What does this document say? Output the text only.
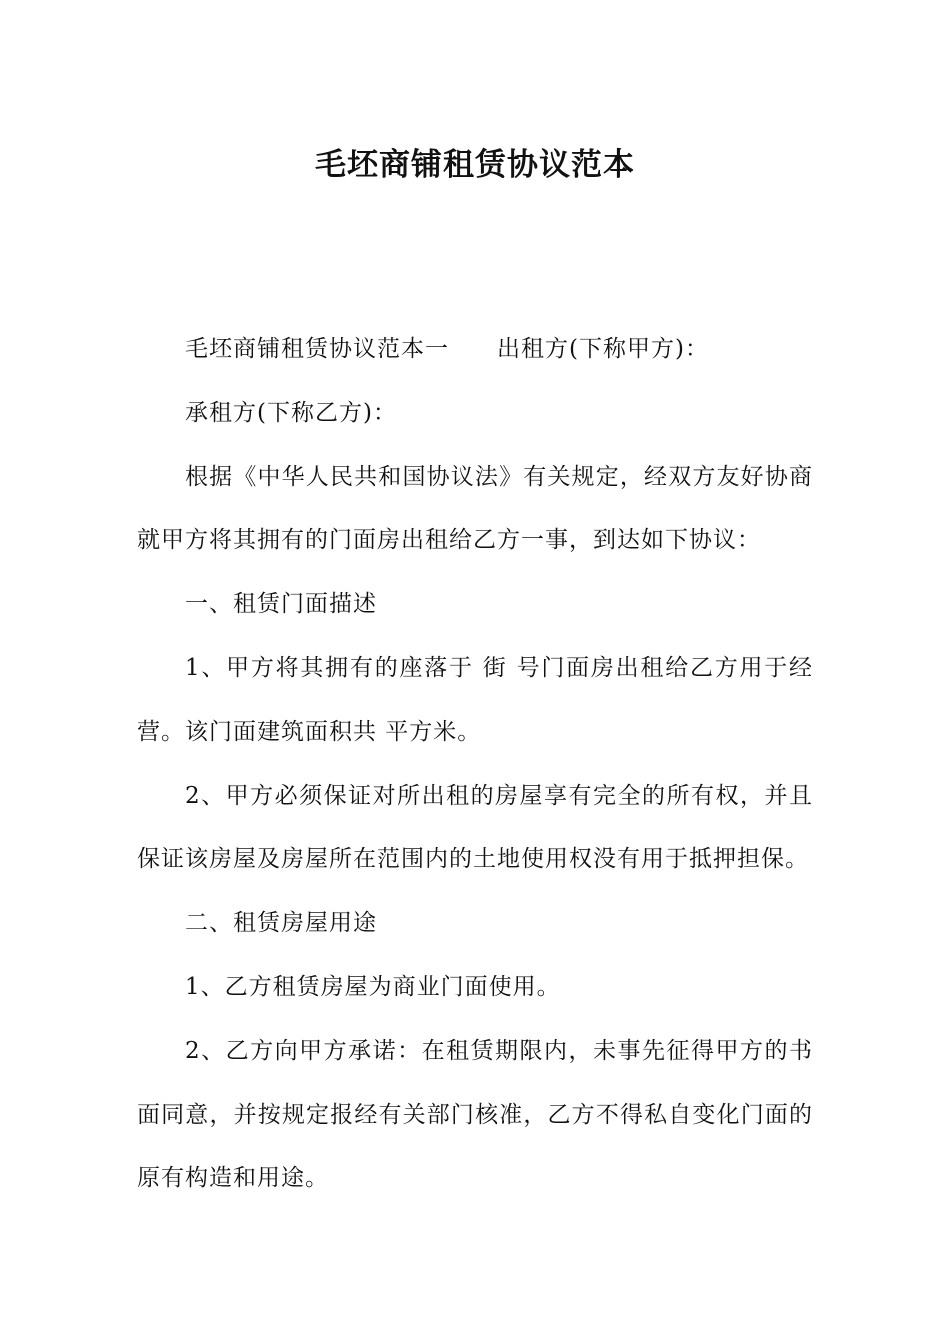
毛坯商铺租赁协议范本

毛坯商铺租赁协议范本一　　出租方(下称甲方)：

承租方(下称乙方)：

根据《中华人民共和国协议法》有关规定，经双方友好协商就甲方将其拥有的门面房出租给乙方一事，到达如下协议：

一、租赁门面描述

1、甲方将其拥有的座落于 街 号门面房出租给乙方用于经营。该门面建筑面积共 平方米。

2、甲方必须保证对所出租的房屋享有完全的所有权，并且保证该房屋及房屋所在范围内的土地使用权没有用于抵押担保。

二、租赁房屋用途

1、乙方租赁房屋为商业门面使用。

2、乙方向甲方承诺：在租赁期限内，未事先征得甲方的书面同意，并按规定报经有关部门核准，乙方不得私自变化门面的原有构造和用途。
